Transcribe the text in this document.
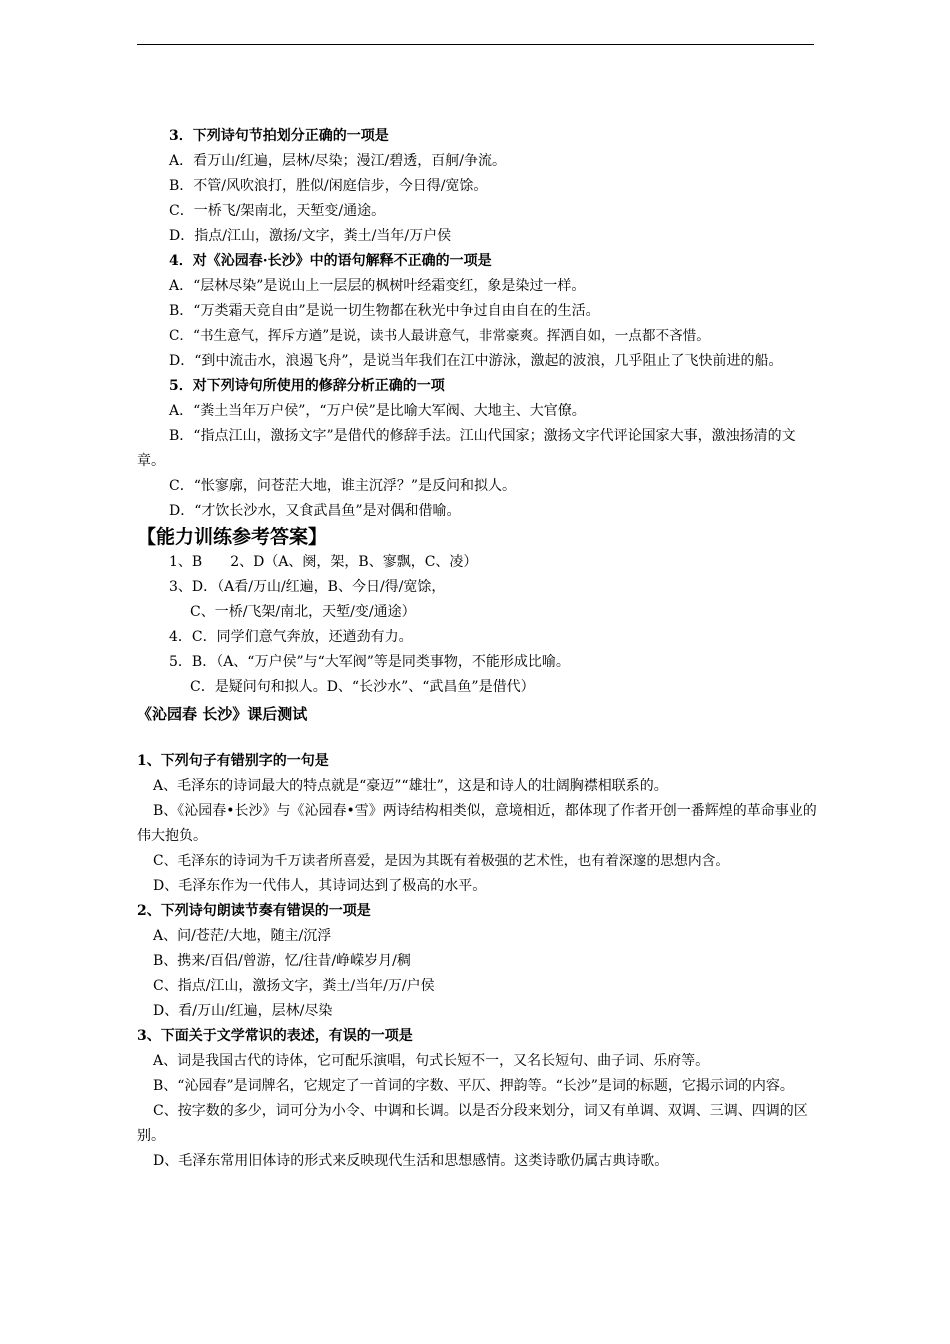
3．下列诗句节拍划分正确的一项是
A．看万山/红遍，层林/尽染；漫江/碧透，百舸/争流。
B．不管/风吹浪打，胜似/闲庭信步，今日得/宽馀。
C．一桥飞/架南北，天堑变/通途。
D．指点/江山，激扬/文字，粪土/当年/万户侯
4．对《沁园春·长沙》中的语句解释不正确的一项是
A．“层林尽染”是说山上一层层的枫树叶经霜变红，象是染过一样。
B．“万类霜天竞自由”是说一切生物都在秋光中争过自由自在的生活。
C．“书生意气，挥斥方遒”是说，读书人最讲意气，非常豪爽。挥洒自如，一点都不吝惜。
D．“到中流击水，浪遏飞舟”，是说当年我们在江中游泳，激起的波浪，几乎阻止了飞快前进的船。
5．对下列诗句所使用的修辞分析正确的一项
A．“粪土当年万户侯”，“万户侯”是比喻大军阀、大地主、大官僚。
B．“指点江山，激扬文字”是借代的修辞手法。江山代国家；激扬文字代评论国家大事，激浊扬清的文章。
C．“怅寥廓，问苍茫大地，谁主沉浮？”是反问和拟人。
D．“才饮长沙水，又食武昌鱼”是对偶和借喻。
【能力训练参考答案】
1、B　　2、D（A、阕，架，B、寥飘，C、凌）
3、D．（A看/万山/红遍，B、今日/得/宽馀，
C、一桥/飞架/南北，天堑/变/通途）
4．C．同学们意气奔放，还遒劲有力。
5．B．（A、“万户侯”与“大军阀”等是同类事物，不能形成比喻。
C．是疑问句和拟人。D、“长沙水”、“武昌鱼”是借代）
《沁园春 长沙》课后测试
1、下列句子有错别字的一句是
A、毛泽东的诗词最大的特点就是“豪迈”“雄壮”，这是和诗人的壮阔胸襟相联系的。
B、《沁园春•长沙》与《沁园春•雪》两诗结构相类似，意境相近，都体现了作者开创一番辉煌的革命事业的伟大抱负。
C、毛泽东的诗词为千万读者所喜爱，是因为其既有着极强的艺术性，也有着深邃的思想内含。
D、毛泽东作为一代伟人，其诗词达到了极高的水平。
2、下列诗句朗读节奏有错误的一项是
A、问/苍茫/大地，随主/沉浮
B、携来/百侣/曾游，忆/往昔/峥嵘岁月/稠
C、指点/江山，激扬文字，粪土/当年/万/户侯
D、看/万山/红遍，层林/尽染
3、下面关于文学常识的表述，有误的一项是
A、词是我国古代的诗体，它可配乐演唱，句式长短不一，又名长短句、曲子词、乐府等。
B、“沁园春”是词牌名，它规定了一首词的字数、平仄、押韵等。“长沙”是词的标题，它揭示词的内容。
C、按字数的多少，词可分为小令、中调和长调。以是否分段来划分，词又有单调、双调、三调、四调的区别。
D、毛泽东常用旧体诗的形式来反映现代生活和思想感情。这类诗歌仍属古典诗歌。
